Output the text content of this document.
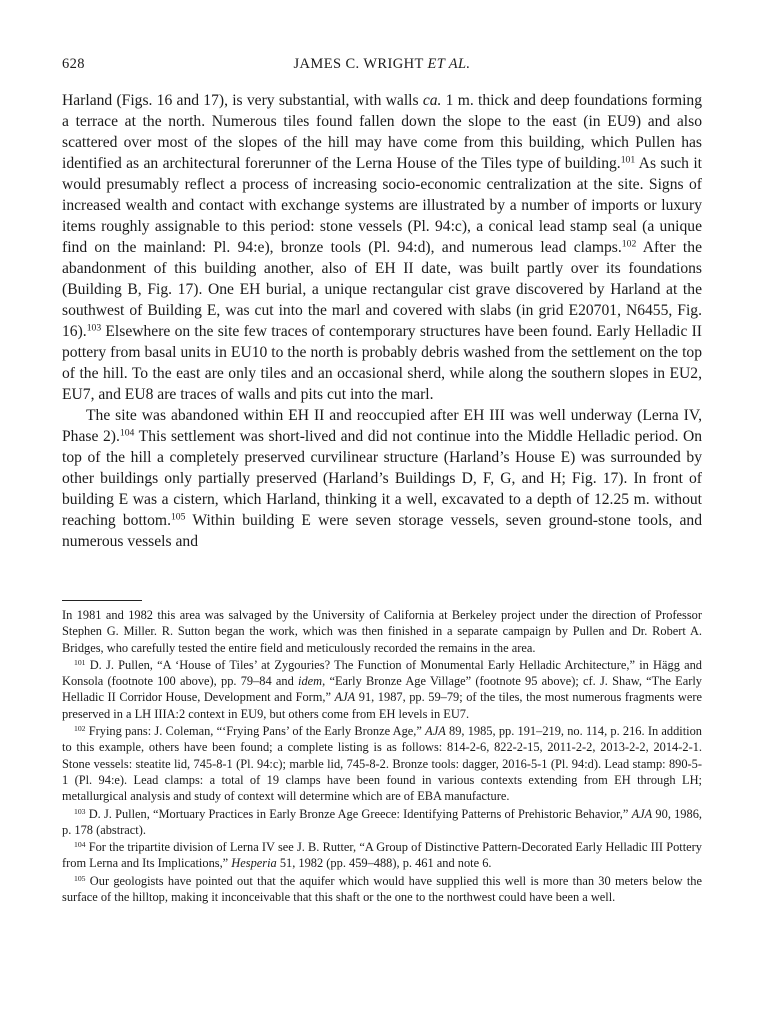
628	JAMES C. WRIGHT ET AL.

Harland (Figs. 16 and 17), is very substantial, with walls ca. 1 m. thick and deep foundations forming a terrace at the north. Numerous tiles found fallen down the slope to the east (in EU9) and also scattered over most of the slopes of the hill may have come from this building, which Pullen has identified as an architectural forerunner of the Lerna House of the Tiles type of building.$^{101}$ As such it would presumably reflect a process of increasing socio-economic centralization at the site. Signs of increased wealth and contact with exchange systems are illustrated by a number of imports or luxury items roughly assignable to this period: stone vessels (Pl. 94:c), a conical lead stamp seal (a unique find on the mainland: Pl. 94:e), bronze tools (Pl. 94:d), and numerous lead clamps.$^{102}$ After the abandonment of this building another, also of EH II date, was built partly over its foundations (Building B, Fig. 17). One EH burial, a unique rectangular cist grave discovered by Harland at the southwest of Building E, was cut into the marl and covered with slabs (in grid E20701, N6455, Fig. 16).$^{103}$ Elsewhere on the site few traces of contemporary structures have been found. Early Helladic II pottery from basal units in EU10 to the north is probably debris washed from the settlement on the top of the hill. To the east are only tiles and an occasional sherd, while along the southern slopes in EU2, EU7, and EU8 are traces of walls and pits cut into the marl.

The site was abandoned within EH II and reoccupied after EH III was well underway (Lerna IV, Phase 2).$^{104}$ This settlement was short-lived and did not continue into the Middle Helladic period. On top of the hill a completely preserved curvilinear structure (Harland’s House E) was surrounded by other buildings only partially preserved (Harland’s Buildings D, F, G, and H; Fig. 17). In front of building E was a cistern, which Harland, thinking it a well, excavated to a depth of 12.25 m. without reaching bottom.$^{105}$ Within building E were seven storage vessels, seven ground-stone tools, and numerous vessels and

In 1981 and 1982 this area was salvaged by the University of California at Berkeley project under the direction of Professor Stephen G. Miller. R. Sutton began the work, which was then finished in a separate campaign by Pullen and Dr. Robert A. Bridges, who carefully tested the entire field and meticulously recorded the remains in the area.

$^{101}$ D. J. Pullen, “A ‘House of Tiles’ at Zygouries? The Function of Monumental Early Helladic Architecture,” in Hägg and Konsola (footnote 100 above), pp. 79–84 and idem, “Early Bronze Age Village” (footnote 95 above); cf. J. Shaw, “The Early Helladic II Corridor House, Development and Form,” AJA 91, 1987, pp. 59–79; of the tiles, the most numerous fragments were preserved in a LH IIIA:2 context in EU9, but others come from EH levels in EU7.

$^{102}$ Frying pans: J. Coleman, “‘Frying Pans’ of the Early Bronze Age,” AJA 89, 1985, pp. 191–219, no. 114, p. 216. In addition to this example, others have been found; a complete listing is as follows: 814-2-6, 822-2-15, 2011-2-2, 2013-2-2, 2014-2-1. Stone vessels: steatite lid, 745-8-1 (Pl. 94:c); marble lid, 745-8-2. Bronze tools: dagger, 2016-5-1 (Pl. 94:d). Lead stamp: 890-5-1 (Pl. 94:e). Lead clamps: a total of 19 clamps have been found in various contexts extending from EH through LH; metallurgical analysis and study of context will determine which are of EBA manufacture.

$^{103}$ D. J. Pullen, “Mortuary Practices in Early Bronze Age Greece: Identifying Patterns of Prehistoric Behavior,” AJA 90, 1986, p. 178 (abstract).

$^{104}$ For the tripartite division of Lerna IV see J. B. Rutter, “A Group of Distinctive Pattern-Decorated Early Helladic III Pottery from Lerna and Its Implications,” Hesperia 51, 1982 (pp. 459–488), p. 461 and note 6.

$^{105}$ Our geologists have pointed out that the aquifer which would have supplied this well is more than 30 meters below the surface of the hilltop, making it inconceivable that this shaft or the one to the northwest could have been a well.
